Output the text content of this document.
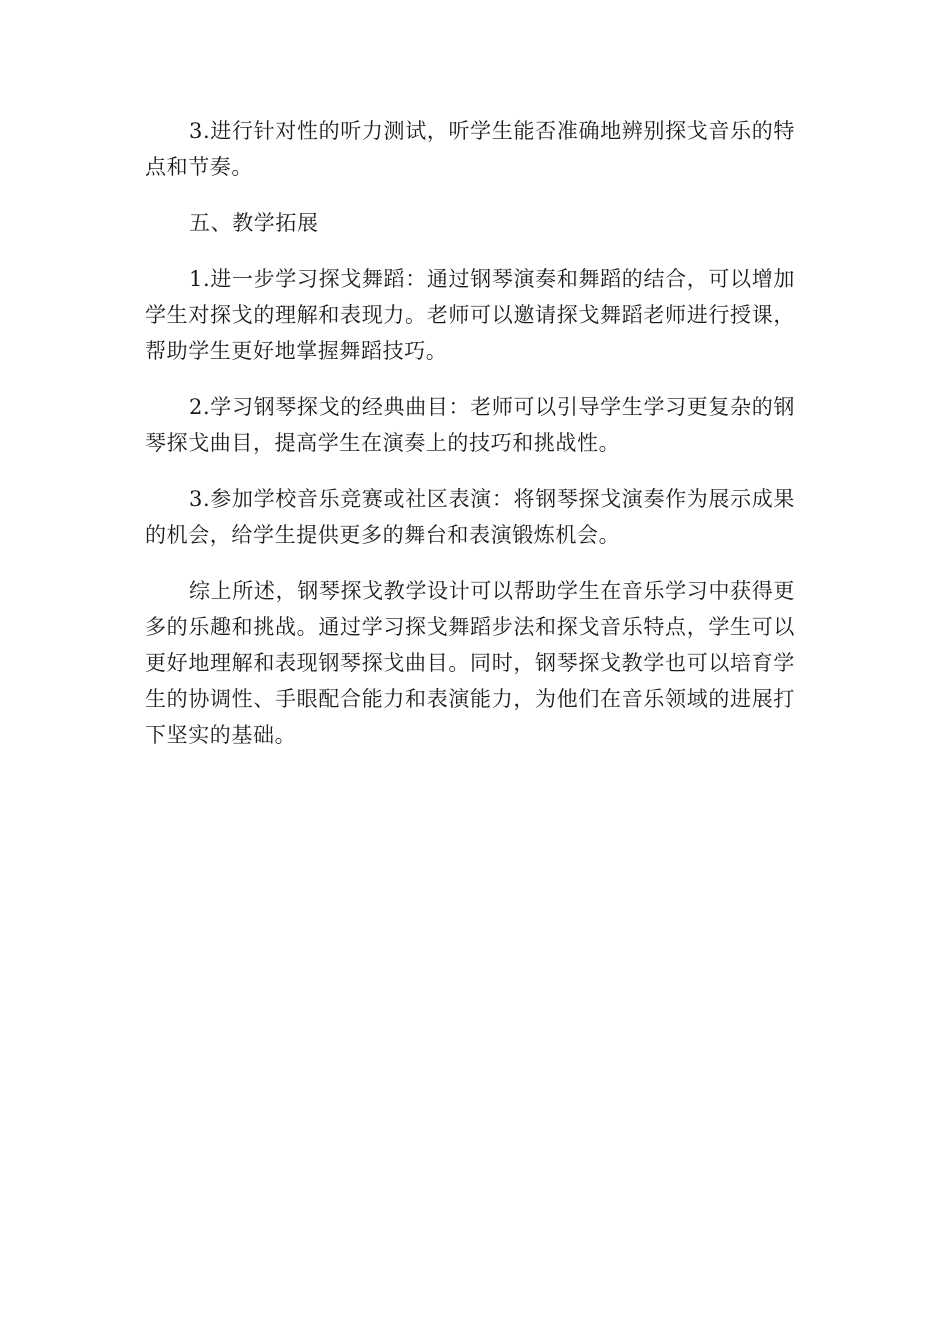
3.进行针对性的听力测试，听学生能否准确地辨别探戈音乐的特点和节奏。

五、教学拓展

1.进一步学习探戈舞蹈：通过钢琴演奏和舞蹈的结合，可以增加学生对探戈的理解和表现力。老师可以邀请探戈舞蹈老师进行授课，帮助学生更好地掌握舞蹈技巧。

2.学习钢琴探戈的经典曲目：老师可以引导学生学习更复杂的钢琴探戈曲目，提高学生在演奏上的技巧和挑战性。

3.参加学校音乐竞赛或社区表演：将钢琴探戈演奏作为展示成果的机会，给学生提供更多的舞台和表演锻炼机会。

综上所述，钢琴探戈教学设计可以帮助学生在音乐学习中获得更多的乐趣和挑战。通过学习探戈舞蹈步法和探戈音乐特点，学生可以更好地理解和表现钢琴探戈曲目。同时，钢琴探戈教学也可以培育学生的协调性、手眼配合能力和表演能力，为他们在音乐领域的进展打下坚实的基础。
